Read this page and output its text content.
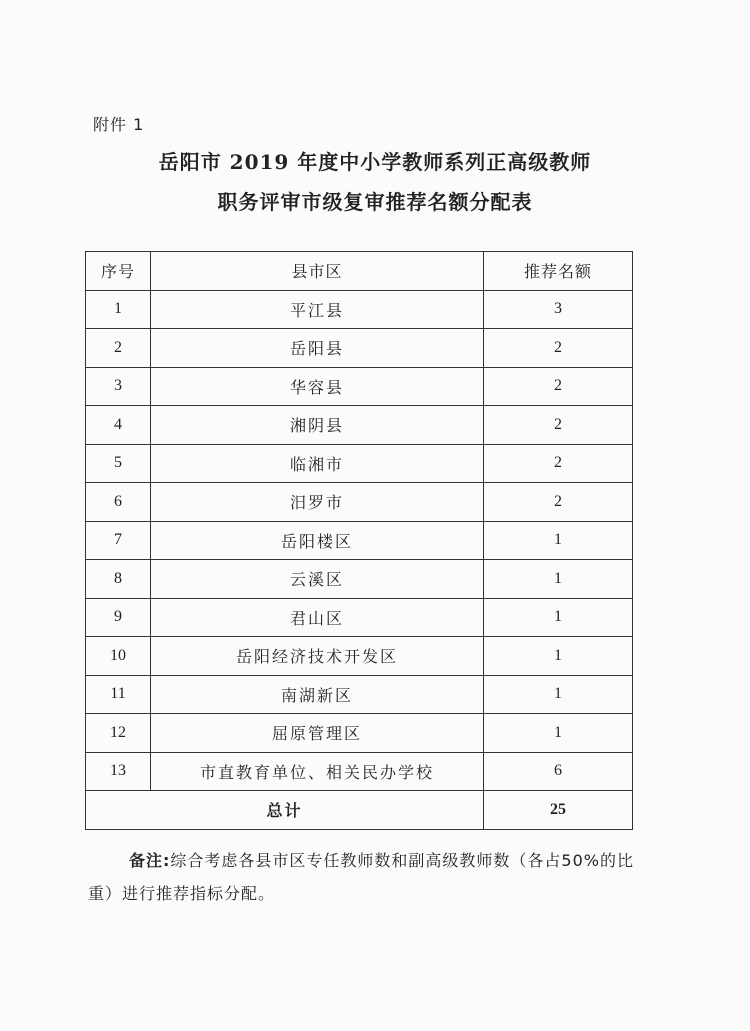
附件 1
岳阳市 2019 年度中小学教师系列正高级教师
职务评审市级复审推荐名额分配表
序号	县市区	推荐名额
1	平江县	3
2	岳阳县	2
3	华容县	2
4	湘阴县	2
5	临湘市	2
6	汨罗市	2
7	岳阳楼区	1
8	云溪区	1
9	君山区	1
10	岳阳经济技术开发区	1
11	南湖新区	1
12	屈原管理区	1
13	市直教育单位、相关民办学校	6
总计		25
备注:综合考虑各县市区专任教师数和副高级教师数（各占50%的比重）进行推荐指标分配。
